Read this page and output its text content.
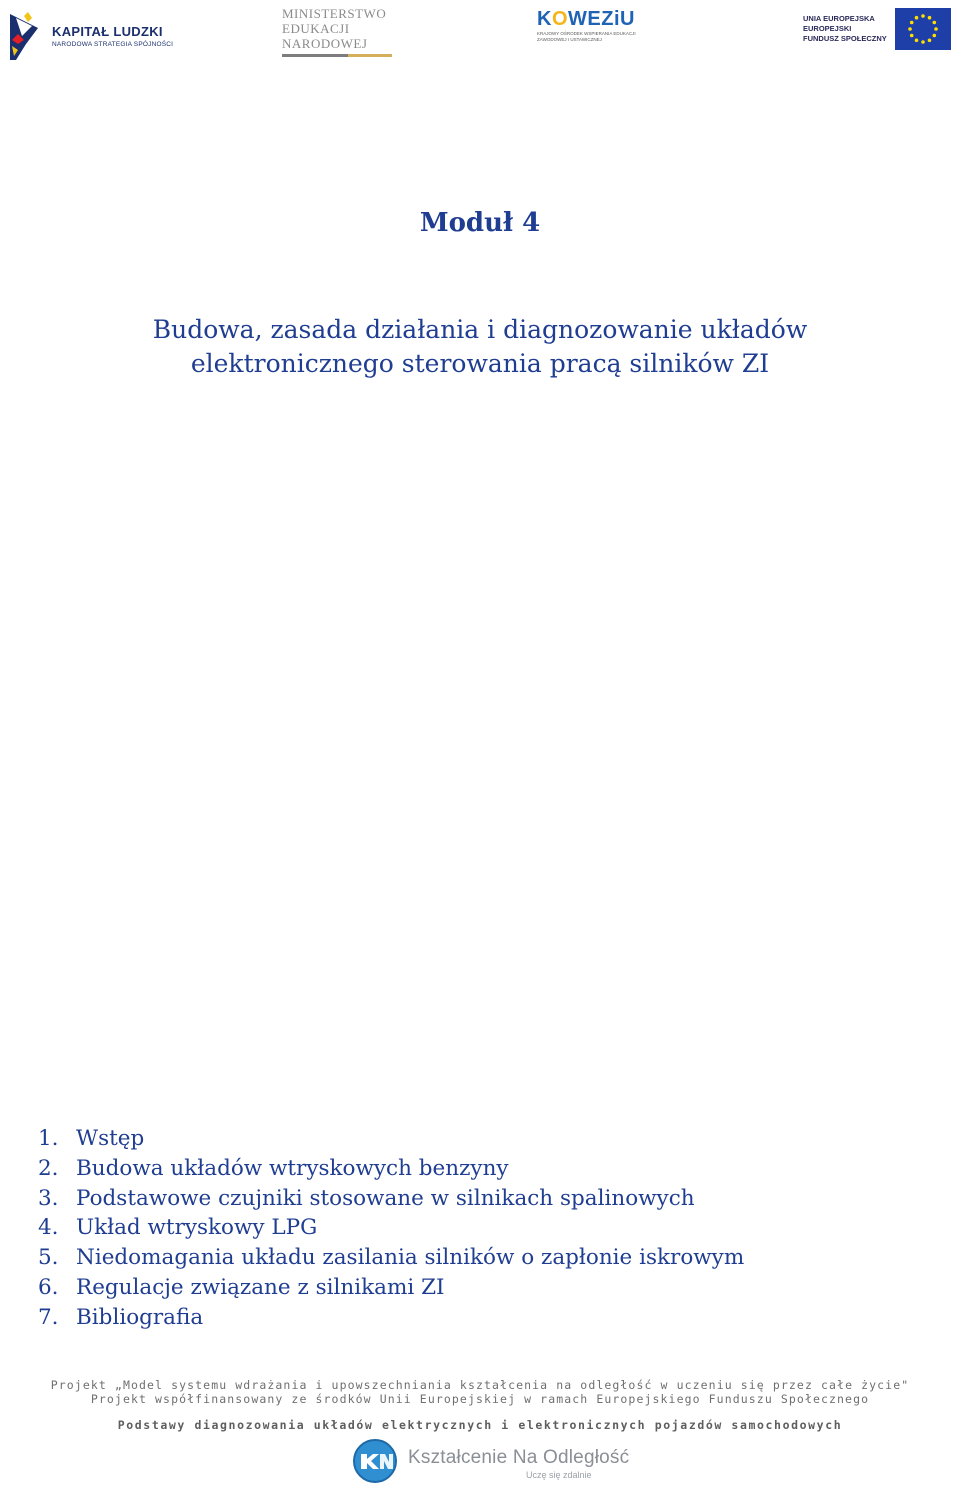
KAPITAŁ LUDZKI
NARODOWA STRATEGIA SPÓJNOŚCI
MINISTERSTWO
EDUKACJI
NARODOWEJ
KOWEZiU
KRAJOWY OŚRODEK WSPIERANIA EDUKACJI ZAWODOWEJ I USTAWICZNEJ
UNIA EUROPEJSKA
EUROPEJSKI
FUNDUSZ SPOŁECZNY
Moduł 4
Budowa, zasada działania i diagnozowanie układów
elektronicznego sterowania pracą silników ZI
1. Wstęp
2. Budowa układów wtryskowych benzyny
3. Podstawowe czujniki stosowane w silnikach spalinowych
4. Układ wtryskowy LPG
5. Niedomagania układu zasilania silników o zapłonie iskrowym
6. Regulacje związane z silnikami ZI
7. Bibliografia
Projekt „Model systemu wdrażania i upowszechniania kształcenia na odległość w uczeniu się przez całe życie"
Projekt współfinansowany ze środków Unii Europejskiej w ramach Europejskiego Funduszu Społecznego
Podstawy diagnozowania układów elektrycznych i elektronicznych pojazdów samochodowych
Kształcenie Na Odległość
Uczę się zdalnie
